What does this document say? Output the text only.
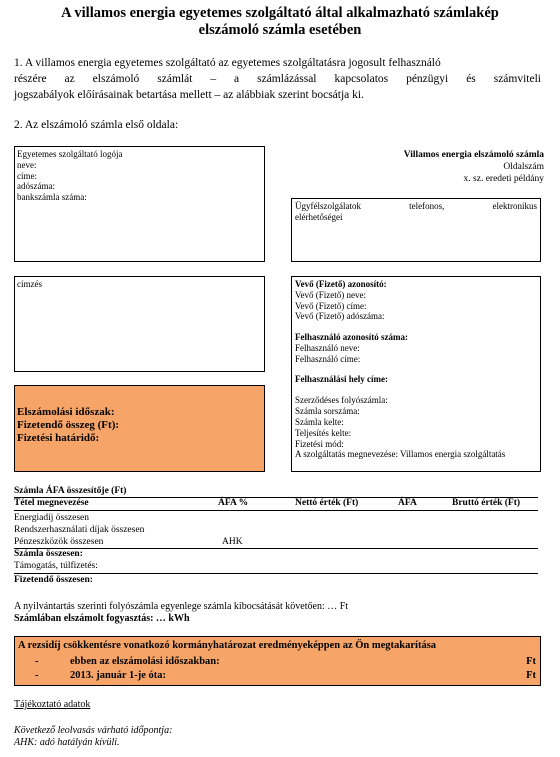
A villamos energia egyetemes szolgáltató által alkalmazható számlakép
elszámoló számla esetében
1. A villamos energia egyetemes szolgáltató az egyetemes szolgáltatásra jogosult felhasználó
részére az elszámoló számlát – a számlázással kapcsolatos pénzügyi és számviteli
jogszabályok előírásainak betartása mellett – az alábbiak szerint bocsátja ki.
2. Az elszámoló számla első oldala:
Egyetemes szolgáltató logója
neve:
címe:
adószáma:
bankszámla száma:
Villamos energia elszámoló számla
Oldalszám
x. sz. eredeti példány
Ügyfélszolgálatok	telefonos,	elektronikus
elérhetőségei
címzés	Vevő (Fizető) azonosító:
Vevő (Fizető) neve:
Vevő (Fizető) címe:
Vevő (Fizető) adószáma:
Felhasználó azonosító száma:
Felhasználó neve:
Felhasználó címe:
Felhasználási hely címe:
Szerződéses folyószámla:
Számla sorszáma:
Számla kelte:
Teljesítés kelte:
Fizetési mód:
A szolgáltatás megnevezése: Villamos energia szolgáltatás
Elszámolási időszak:
Fizetendő összeg (Ft):
Fizetési határidő:
Számla ÁFA összesítője (Ft)
Tétel megnevezése	ÁFA %	Nettó érték (Ft)	ÁFA	Bruttó érték (Ft)
Energiadíj összesen
Rendszerhasználati díjak összesen
Pénzeszközök összesen	AHK
Számla összesen:
Támogatás, túlfizetés:
Fizetendő összesen:
A nyilvántartás szerinti folyószámla egyenlege számla kibocsátását követően: … Ft
Számlában elszámolt fogyasztás: … kWh
A rezsidíj csökkentésre vonatkozó kormányhatározat eredményeképpen az Ön megtakarítása
-	ebben az elszámolási időszakban:	Ft
-	2013. január 1-je óta:	Ft
Tájékoztató adatok
Következő leolvasás várható időpontja:
AHK: adó hatályán kívüli.
